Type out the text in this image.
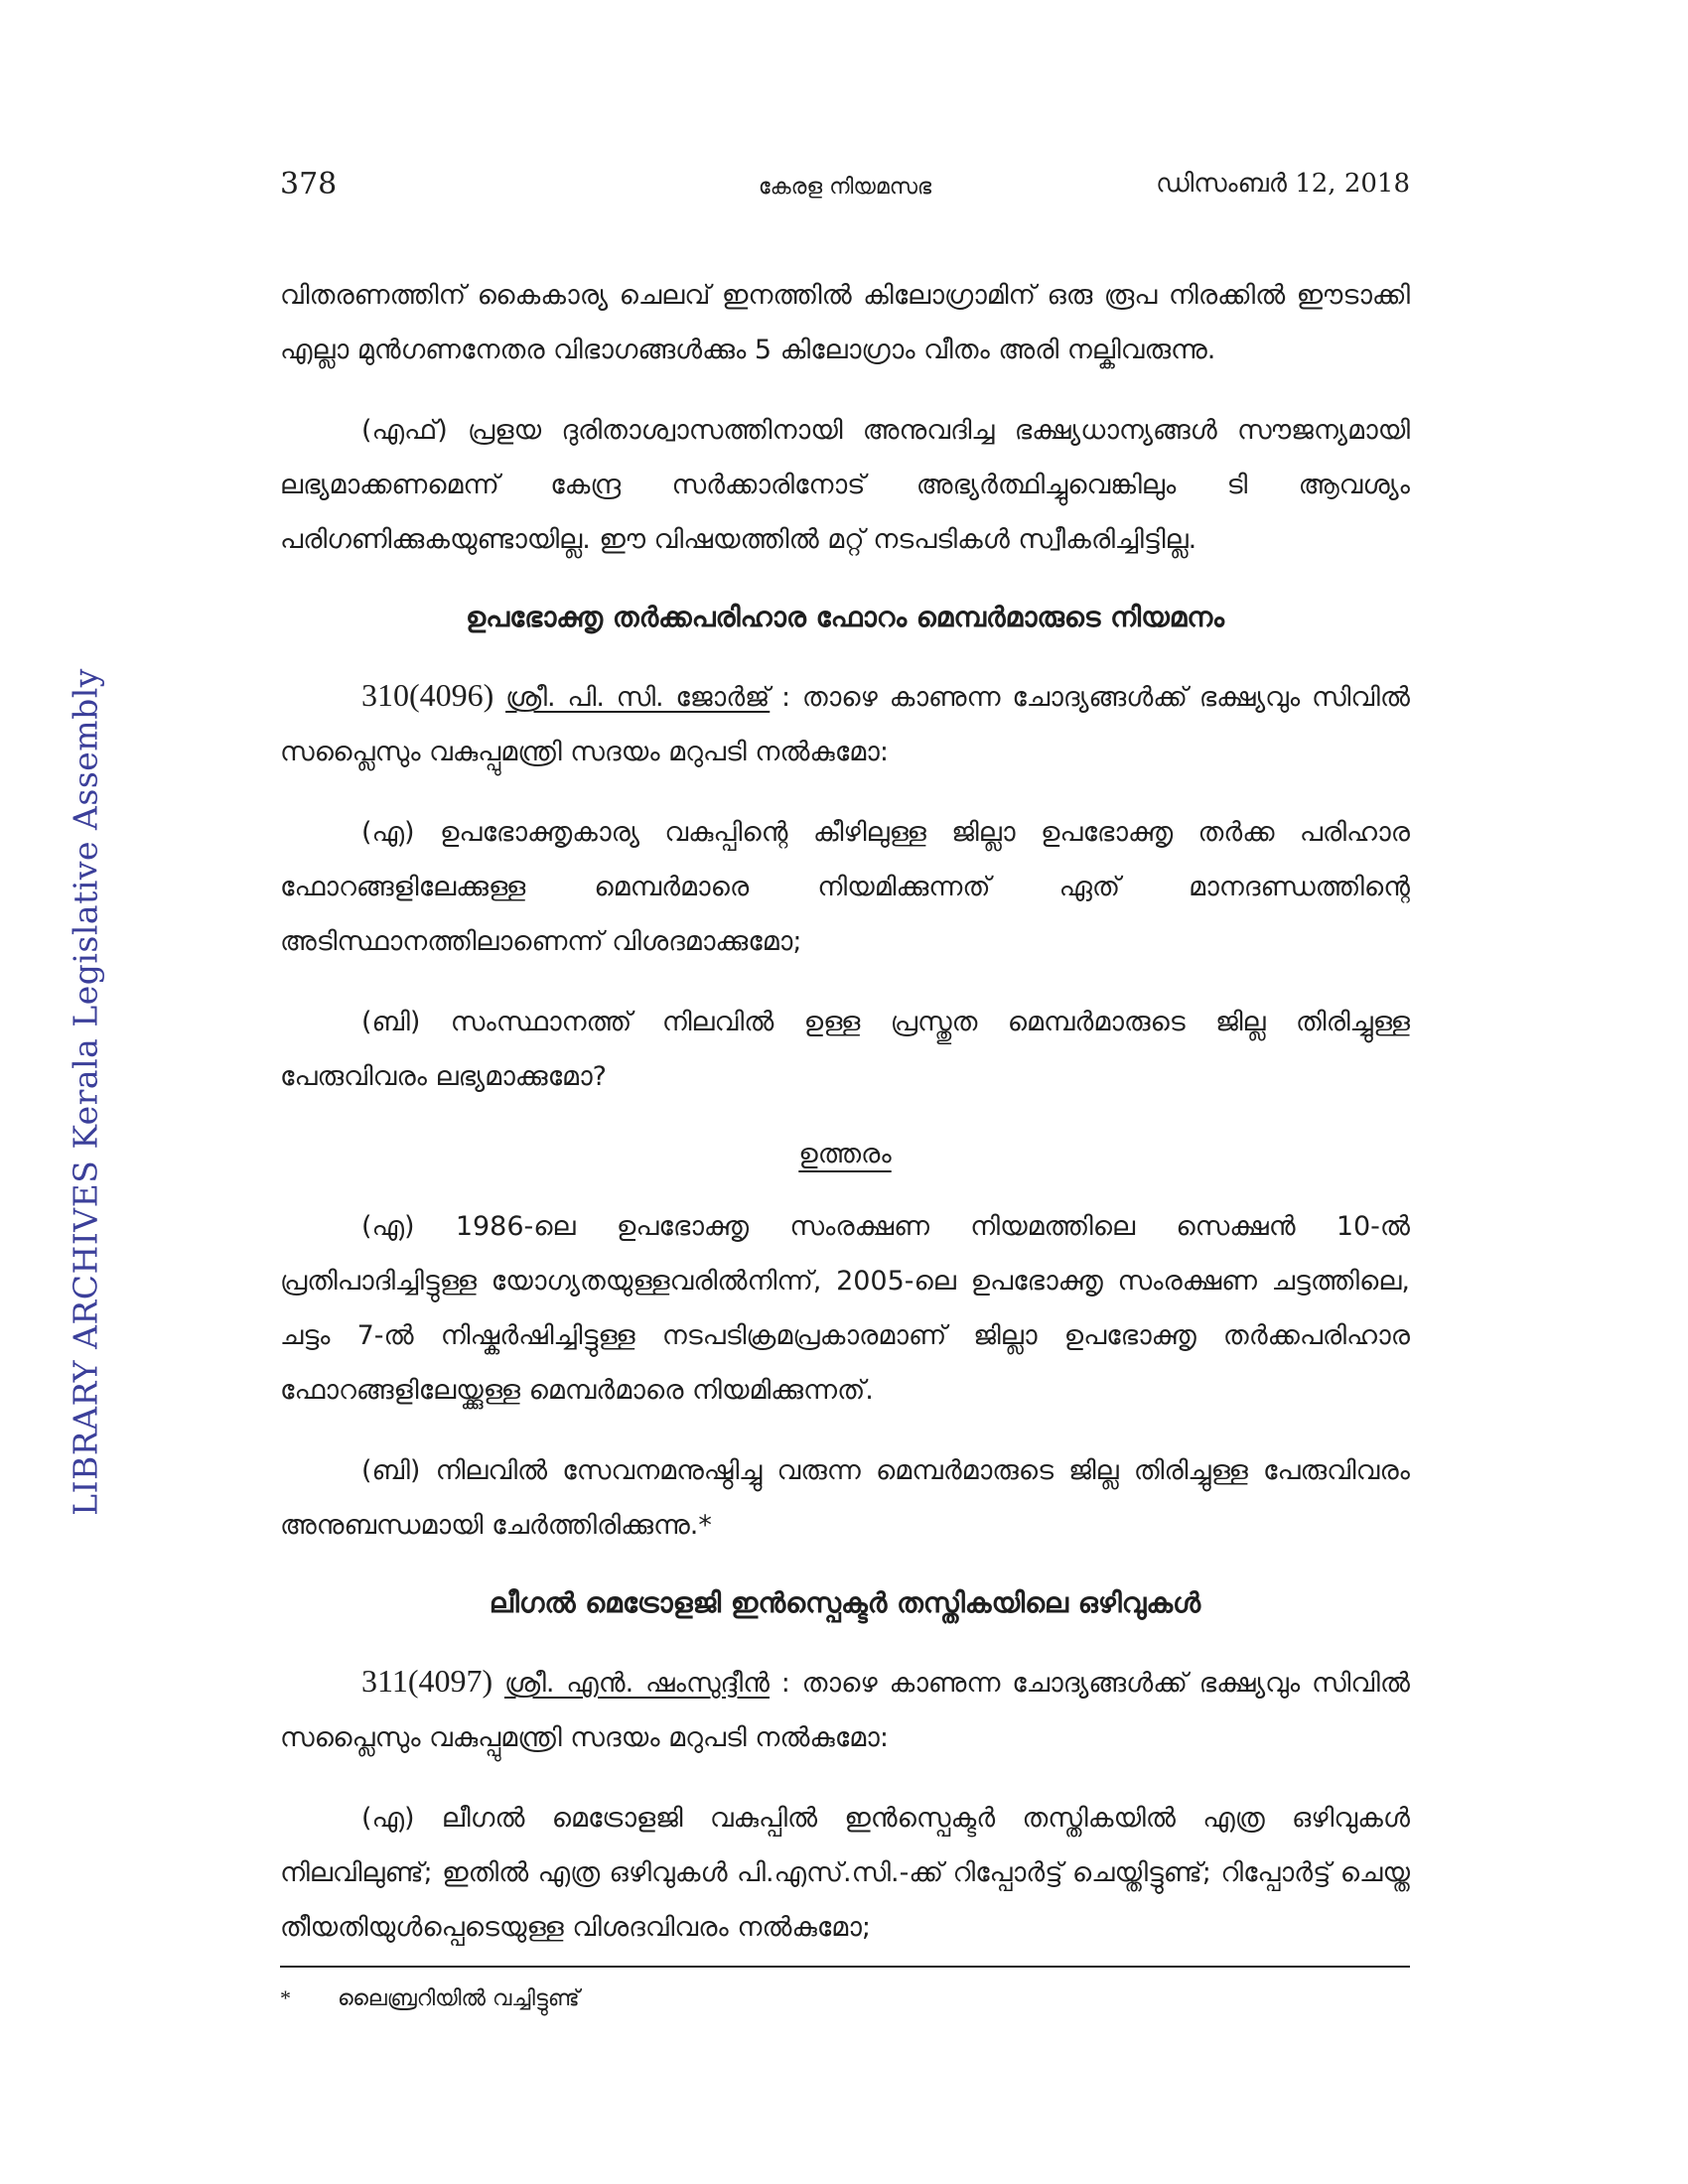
LIBRARY ARCHIVES Kerala Legislative Assembly
378	കേരള നിയമസഭ	ഡിസംബർ 12, 2018

വിതരണത്തിന് കൈകാര്യ ചെലവ് ഇനത്തിൽ കിലോഗ്രാമിന് ഒരു രൂപ നിരക്കിൽ ഈടാക്കി എല്ലാ മുൻഗണനേതര വിഭാഗങ്ങൾക്കും 5 കിലോഗ്രാം വീതം അരി നല്കിവരുന്നു.

(എഫ്) പ്രളയ ദുരിതാശ്വാസത്തിനായി അനുവദിച്ച ഭക്ഷ്യധാന്യങ്ങൾ സൗജന്യമായി ലഭ്യമാക്കണമെന്ന് കേന്ദ്ര സർക്കാരിനോട് അഭ്യർത്ഥിച്ചുവെങ്കിലും ടി ആവശ്യം പരിഗണിക്കുകയുണ്ടായില്ല. ഈ വിഷയത്തിൽ മറ്റ് നടപടികൾ സ്വീകരിച്ചിട്ടില്ല.

ഉപഭോക്തൃ തർക്കപരിഹാര ഫോറം മെമ്പർമാരുടെ നിയമനം

310(4096) ശ്രീ. പി. സി. ജോർജ് : താഴെ കാണുന്ന ചോദ്യങ്ങൾക്ക് ഭക്ഷ്യവും സിവിൽ സപ്ലൈസും വകുപ്പുമന്ത്രി സദയം മറുപടി നൽകുമോ:

(എ) ഉപഭോക്തൃകാര്യ വകുപ്പിന്റെ കീഴിലുള്ള ജില്ലാ ഉപഭോക്തൃ തർക്ക പരിഹാര ഫോറങ്ങളിലേക്കുള്ള മെമ്പർമാരെ നിയമിക്കുന്നത് ഏത് മാനദണ്ഡത്തിന്റെ അടിസ്ഥാനത്തിലാണെന്ന് വിശദമാക്കുമോ;

(ബി) സംസ്ഥാനത്ത് നിലവിൽ ഉള്ള പ്രസ്തുത മെമ്പർമാരുടെ ജില്ല തിരിച്ചുള്ള പേരുവിവരം ലഭ്യമാക്കുമോ?

ഉത്തരം

(എ) 1986-ലെ ഉപഭോക്തൃ സംരക്ഷണ നിയമത്തിലെ സെക്ഷൻ 10-ൽ പ്രതിപാദിച്ചിട്ടുള്ള യോഗ്യതയുള്ളവരിൽനിന്ന്, 2005-ലെ ഉപഭോക്തൃ സംരക്ഷണ ചട്ടത്തിലെ, ചട്ടം 7-ൽ നിഷ്കർഷിച്ചിട്ടുള്ള നടപടിക്രമപ്രകാരമാണ് ജില്ലാ ഉപഭോക്തൃ തർക്കപരിഹാര ഫോറങ്ങളിലേയ്ക്കുള്ള മെമ്പർമാരെ നിയമിക്കുന്നത്.

(ബി) നിലവിൽ സേവനമനുഷ്ഠിച്ചു വരുന്ന മെമ്പർമാരുടെ ജില്ല തിരിച്ചുള്ള പേരുവിവരം അനുബന്ധമായി ചേർത്തിരിക്കുന്നു.*

ലീഗൽ മെട്രോളജി ഇൻസ്പെക്ടർ തസ്തികയിലെ ഒഴിവുകൾ

311(4097) ശ്രീ. എൻ. ഷംസുദ്ദീൻ : താഴെ കാണുന്ന ചോദ്യങ്ങൾക്ക് ഭക്ഷ്യവും സിവിൽ സപ്ലൈസും വകുപ്പുമന്ത്രി സദയം മറുപടി നൽകുമോ:

(എ) ലീഗൽ മെട്രോളജി വകുപ്പിൽ ഇൻസ്പെക്ടർ തസ്തികയിൽ എത്ര ഒഴിവുകൾ നിലവിലുണ്ട്; ഇതിൽ എത്ര ഒഴിവുകൾ പി.എസ്.സി.-ക്ക് റിപ്പോർട്ട് ചെയ്തിട്ടുണ്ട്; റിപ്പോർട്ട് ചെയ്ത തീയതിയുൾപ്പെടെയുള്ള വിശദവിവരം നൽകുമോ;

* ലൈബ്രറിയിൽ വച്ചിട്ടുണ്ട്
